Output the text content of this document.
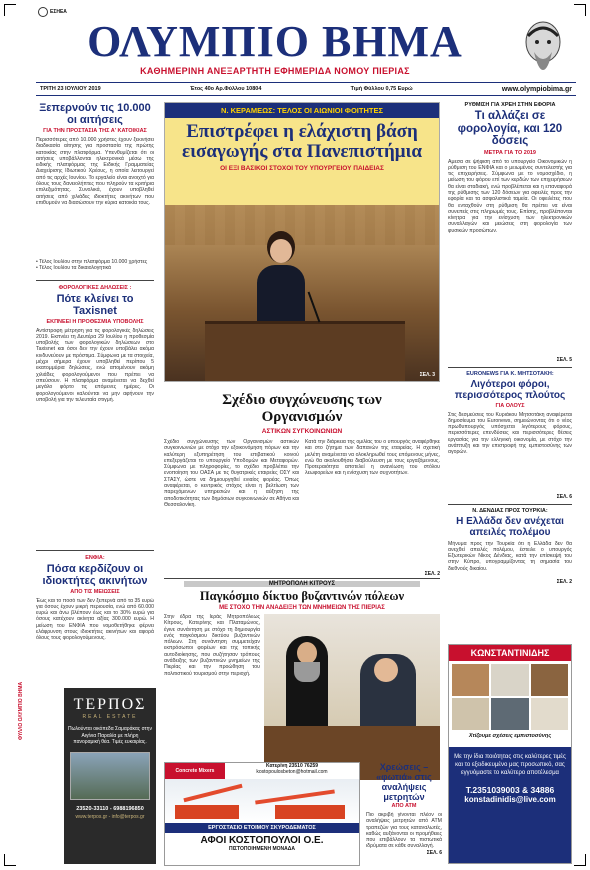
ΕΣΗΕΑ
ΟΛΥΜΠΙΟ ΒΗΜΑ
ΚΑΘΗΜΕΡΙΝΗ ΑΝΕΞΑΡΤΗΤΗ ΕΦΗΜΕΡΙΔΑ ΝΟΜΟΥ ΠΙΕΡΙΑΣ
ΤΡΙΤΗ 23 ΙΟΥΛΙΟΥ 2019	Έτος 40ο Αρ.Φύλλου 10804	Τιμή Φύλλου 0,75 Ευρώ	www.olympiobima.gr
ΦΥΛΛΟ ΟΛΥΜΠΙΟ ΒΗΜΑ
Ξεπερνούν τις 10.000 οι αιτήσεις
ΓΙΑ ΤΗΝ ΠΡΟΣΤΑΣΙΑ ΤΗΣ Α' ΚΑΤΟΙΚΙΑΣ
Περισσότερες από 10.000 χρήστες έχουν ξεκινήσει διαδικασία αίτησης για προστασία της πρώτης κατοικίας στην πλατφόρμα. Υπενθυμίζεται ότι οι αιτήσεις υποβάλλονται ηλεκτρονικά μέσω της ειδικής πλατφόρμας της Ειδικής Γραμματείας Διαχείρισης Ιδιωτικού Χρέους, η οποία λειτουργεί από τις αρχές Ιουνίου. Το εργαλείο είναι ανοιχτό για όλους τους δανειολήπτες που πληρούν τα κριτήρια επιλεξιμότητας. Συνολικά, έχουν υποβληθεί αιτήσεις από χιλιάδες ιδιοκτήτες ακινήτων που επιθυμούν να διασώσουν την κύρια κατοικία τους.
• Τέλος Ιουλίου στην πλατφόρμα 10.000 χρήστες
• Τέλος Ιουλίου τα δικαιολογητικά
ΦΟΡΟΛΟΓΙΚΕΣ ΔΗΛΩΣΕΙΣ :
Πότε κλείνει το Taxisnet
ΕΚΠΝΕΕΙ Η ΠΡΟΘΕΣΜΙΑ ΥΠΟΒΟΛΗΣ
Αντίστροφη μέτρηση για τις φορολογικές δηλώσεις 2019. Εκπνέει τη Δευτέρα 29 Ιουλίου η προθεσμία υποβολής των φορολογικών δηλώσεων στο Taxisnet και όσοι δεν την έχουν υποβάλει ακόμα κινδυνεύουν με πρόστιμα. Σύμφωνα με τα στοιχεία, μέχρι σήμερα έχουν υποβληθεί περίπου 5 εκατομμύρια δηλώσεις, ενώ απομένουν ακόμη χιλιάδες φορολογούμενοι που πρέπει να σπεύσουν. Η πλατφόρμα αναμένεται να δεχθεί μεγάλο φόρτο τις επόμενες ημέρες. Οι φορολογούμενοι καλούνται να μην αφήνουν την υποβολή για την τελευταία στιγμή.
ΕΝΦΙΑ:
Πόσα κερδίζουν οι ιδιοκτήτες ακινήτων
ΑΠΟ ΤΙΣ ΜΕΙΩΣΕΙΣ
Έως και το ποσό των δεν ξεπερνά από τα 35 ευρώ για όσους έχουν μικρή περιουσία, ενώ από 60.000 ευρώ και άνω βλέπουν έως και το 30% ευρώ για όσους κατέχουν ακίνητα αξίας 300.000 ευρώ. Η μείωση του ΕΝΦΙΑ που νομοθετήθηκε φέρνει ελάφρυνση στους ιδιοκτήτες ακινήτων και αφορά όλους τους φορολογούμενους.
ΤΕΡΠΟΣ
REAL ESTATE
Πωλούνται οικόπεδα Σαμαράκας στην Αιγίνια Παραλία με πλήρη πανοραμική θέα. Τιμές ευκαιρίας.
23520-33110 - 6988196850
www.terpos.gr - info@terpos.gr
Ν. ΚΕΡΑΜΕΩΣ: ΤΕΛΟΣ ΟΙ ΑΙΩΝΙΟΙ ΦΟΙΤΗΤΕΣ
Επιστρέφει η ελάχιστη βάση εισαγωγής στα Πανεπιστήμια
ΟΙ ΕΞΙ ΒΑΣΙΚΟΙ ΣΤΟΧΟΙ ΤΟΥ ΥΠΟΥΡΓΕΙΟΥ ΠΑΙΔΕΙΑΣ
ΣΕΛ. 3
Σχέδιο συγχώνευσης των Οργανισμών
ΑΣΤΙΚΩΝ ΣΥΓΚΟΙΝΩΝΙΩΝ
Σχέδιο συγχώνευσης των Οργανισμών αστικών συγκοινωνιών με στόχο την εξοικονόμηση πόρων και την καλύτερη εξυπηρέτηση του επιβατικού κοινού επεξεργάζεται το υπουργείο Υποδομών και Μεταφορών. Σύμφωνα με πληροφορίες, το σχέδιο προβλέπει την ενοποίηση του ΟΑΣΑ με τις θυγατρικές εταιρείες ΟΣΥ και ΣΤΑΣΥ, ώστε να δημιουργηθεί ενιαίος φορέας. Όπως αναφέρεται, ο κεντρικός στόχος είναι η βελτίωση των παρεχόμενων υπηρεσιών και η αύξηση της αποδοτικότητας των δημόσιων συγκοινωνιών σε Αθήνα και Θεσσαλονίκη.
Κατά την διάρκεια της ομιλίας του ο υπουργός αναφέρθηκε και στο ζήτημα των δαπανών της εταιρείας. Η σχετική μελέτη αναμένεται να ολοκληρωθεί τους επόμενους μήνες, ενώ θα ακολουθήσει διαβούλευση με τους εργαζόμενους. Προτεραιότητα αποτελεί η ανανέωση του στόλου λεωφορείων και η ενίσχυση των συχνοτήτων.
ΣΕΛ. 2
ΜΗΤΡΟΠΟΛΗ ΚΙΤΡΟΥΣ
Παγκόσμιο δίκτυο βυζαντινών πόλεων
ΜΕ ΣΤΟΧΟ ΤΗΝ ΑΝΑΔΕΙΞΗ ΤΩΝ ΜΝΗΜΕΙΩΝ ΤΗΣ ΠΙΕΡΙΑΣ
Στην έδρα της Ιεράς Μητροπόλεως Κίτρους, Κατερίνης και Πλαταμώνος, έγινε συνάντηση με στόχο τη δημιουργία ενός παγκόσμιου δικτύου βυζαντινών πόλεων. Στη συνάντηση συμμετείχαν εκπρόσωποι φορέων και της τοπικής αυτοδιοίκησης, που συζήτησαν τρόπους ανάδειξης των βυζαντινών μνημείων της Πιερίας και την προώθηση του πολιτιστικού τουρισμού στην περιοχή.
Concrete Mixers
Κατερίνη 23510 76259
kostopoulosbeton@hotmail.com
ΕΡΓΟΣΤΑΣΙΟ ΕΤΟΙΜΟΥ ΣΚΥΡΟΔΕΜΑΤΟΣ
ΑΦΟΙ ΚΟΣΤΟΠΟΥΛΟΙ Ο.Ε.
ΠΙΣΤΟΠΟΙΗΜΕΝΗ ΜΟΝΑΔΑ
Χρεώσεις – «φωτιά» στις αναλήψεις μετρητών
ΑΠΟ ΑΤΜ
Πιο ακριβή γίνονται πλέον οι αναλήψεις μετρητών από ΑΤΜ τραπεζών για τους καταναλωτές, καθώς αυξάνονται οι προμήθειες που επιβάλλουν τα πιστωτικά ιδρύματα σε κάθε συναλλαγή.
ΣΕΛ. 6
ΡΥΘΜΙΣΗ ΓΙΑ ΧΡΕΗ ΣΤΗΝ ΕΦΟΡΙΑ
Τι αλλάζει σε φορολογία, και 120 δόσεις
ΜΕΤΡΑ ΓΙΑ ΤΟ 2019
Αμεσα σε ψήφιση από το υπουργείο Οικονομικών η ρύθμιση του ΕΝΦΙΑ και ο μειωμένος συντελεστής για τις επιχειρήσεις. Σύμφωνα με το νομοσχέδιο, η μείωση του φόρου επί των κερδών των επιχειρήσεων θα είναι σταδιακή, ενώ προβλέπεται και η επαναφορά της ρύθμισης των 120 δόσεων για οφειλές προς την εφορία και τα ασφαλιστικά ταμεία. Οι οφειλέτες που θα ενταχθούν στη ρύθμιση θα πρέπει να είναι συνεπείς στις πληρωμές τους. Επίσης, προβλέπονται κίνητρα για την ενίσχυση των ηλεκτρονικών συναλλαγών και μειώσεις στη φορολογία των φυσικών προσώπων.
ΣΕΛ. 5
EUROΝEWS ΓΙΑ Κ. ΜΗΤΣΟΤΑΚΗ:
Λιγότεροι φόροι, περισσότερος πλούτος
ΓΙΑ ΟΛΟΥΣ
Στις δεσμεύσεις του Κυριάκου Μητσοτάκη αναφέρεται δημοσίευμα του Euronews, σημειώνοντας ότι ο νέος πρωθυπουργός υπόσχεται λιγότερους φόρους, περισσότερες επενδύσεις και περισσότερες θέσεις εργασίας για την ελληνική οικονομία, με στόχο την ανάπτυξη και την επιστροφή της εμπιστοσύνης των αγορών.
ΣΕΛ. 6
Ν. ΔΕΝΔΙΑΣ ΠΡΟΣ ΤΟΥΡΚΙΑ:
Η Ελλάδα δεν ανέχεται απειλές πολέμου
Μήνυμα προς την Τουρκία ότι η Ελλάδα δεν θα ανεχθεί απειλές πολέμου, έστειλε ο υπουργός Εξωτερικών Νίκος Δένδιας, κατά την επίσκεψή του στην Κύπρο, υπογραμμίζοντας τη σημασία του διεθνούς δικαίου.
ΣΕΛ. 2
ΚΩΝΣΤΑΝΤΙΝΙΔΗΣ
Χτίζουμε σχέσεις εμπιστοσύνης
Με την ίδια ποιότητας στις καλύτερες τιμές και το εξειδικευμένο μας προσωπικό, σας εγγυόμαστε το καλύτερο αποτέλεσμα
T.2351039003 & 34886
konstadinidis@live.com
